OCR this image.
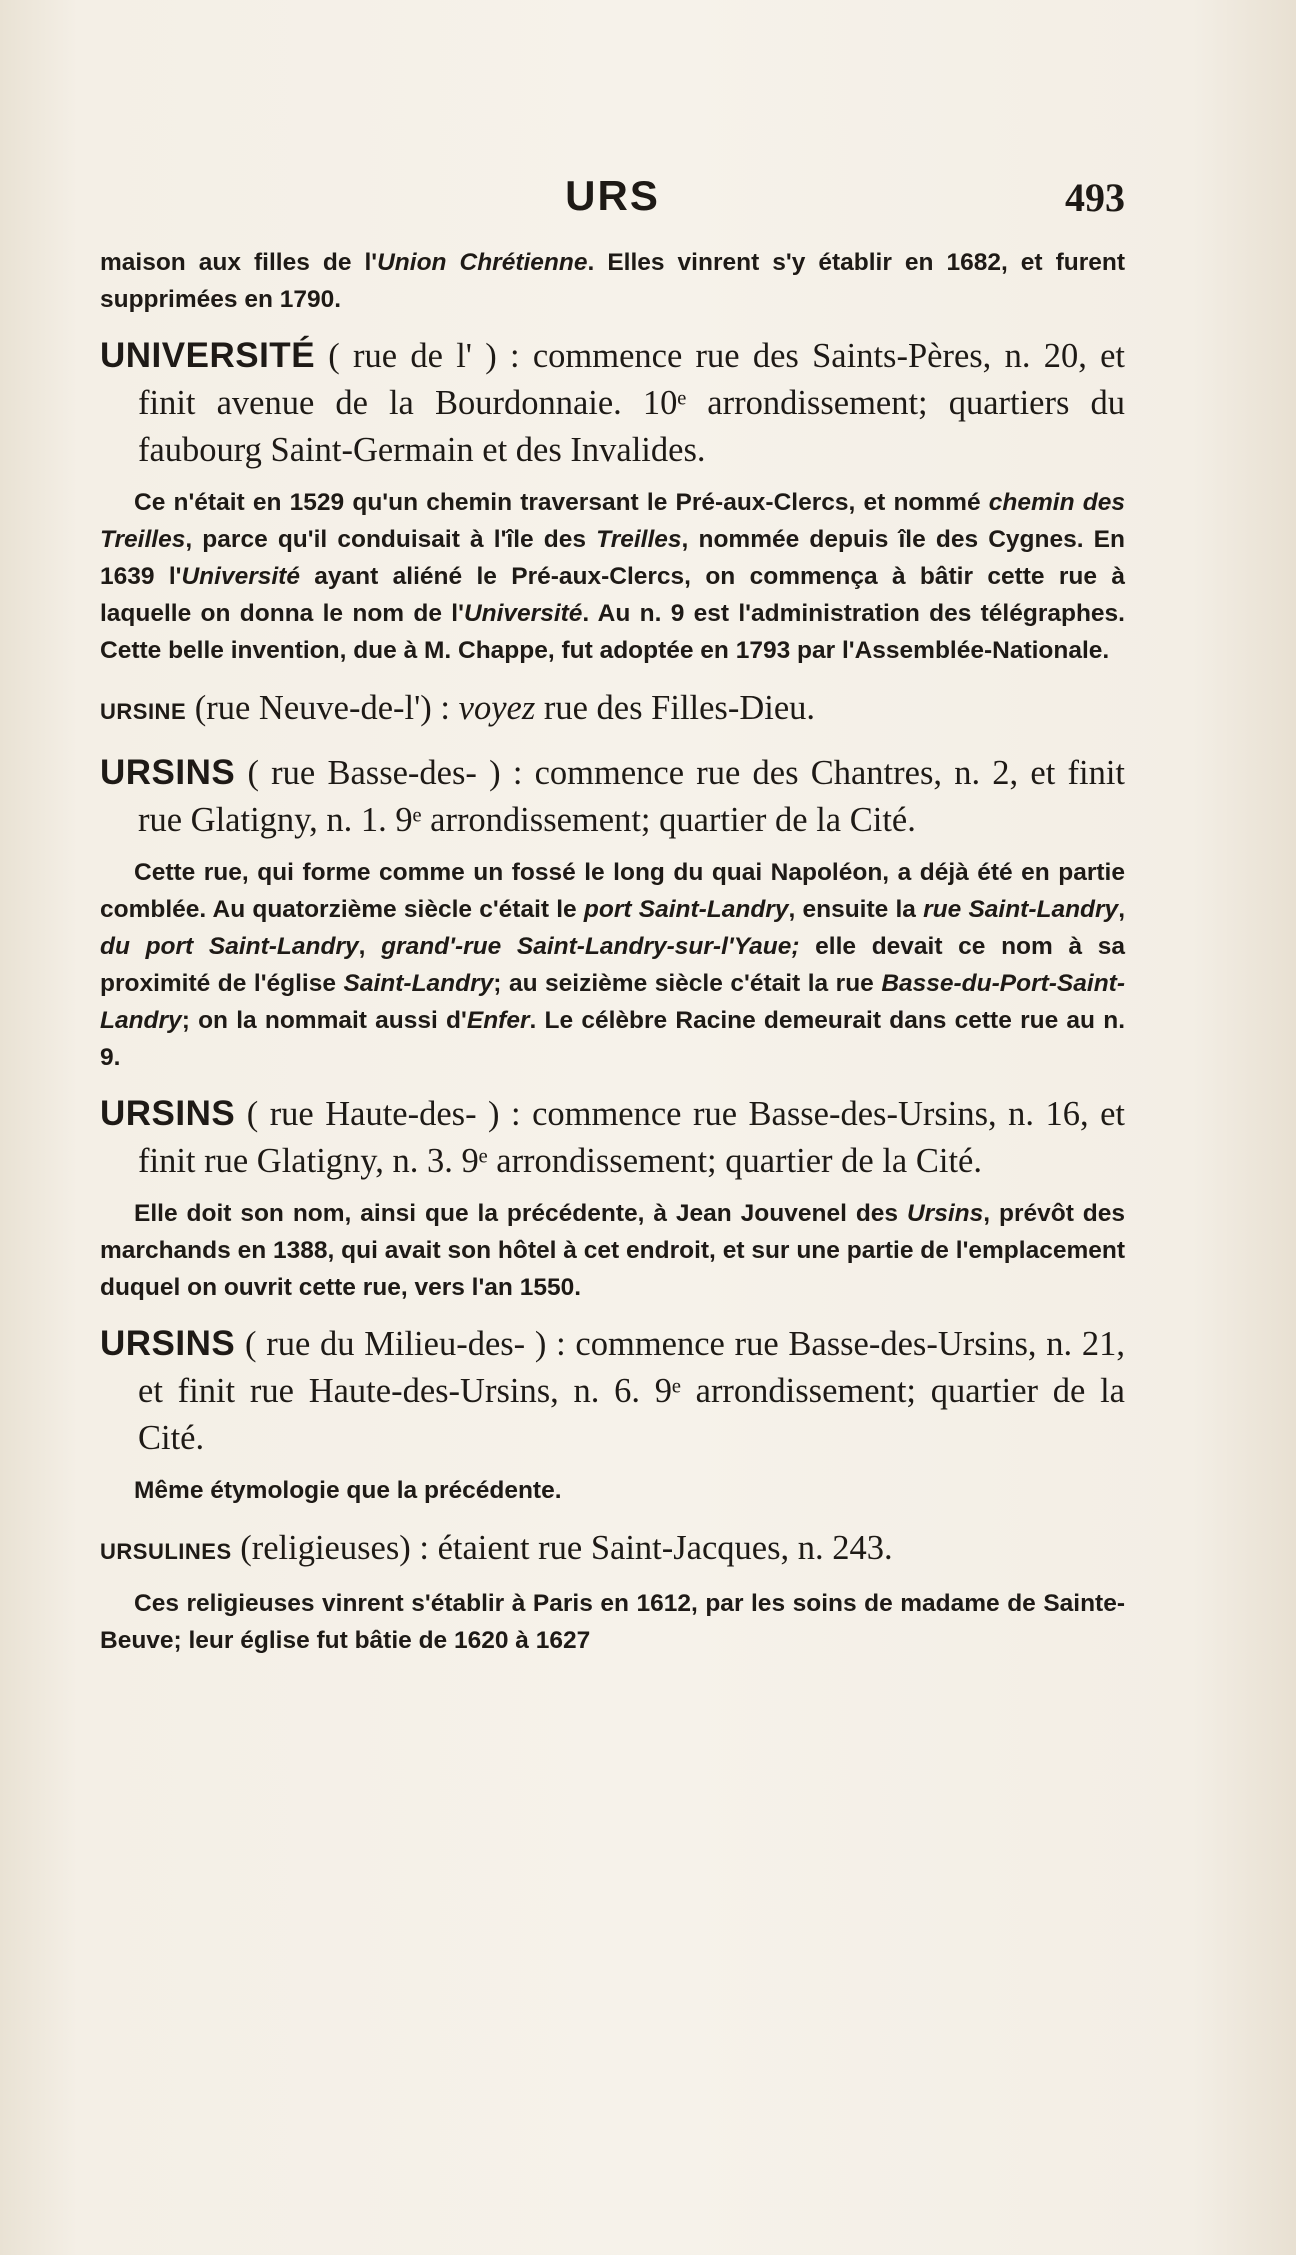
URS	493

maison aux filles de l'Union Chrétienne. Elles vinrent s'y établir en 1682, et furent supprimées en 1790.

UNIVERSITÉ ( rue de l' ) : commence rue des Saints-Pères, n. 20, et finit avenue de la Bourdonnaie. 10ᵉ arrondissement; quartiers du faubourg Saint-Germain et des Invalides.

Ce n'était en 1529 qu'un chemin traversant le Pré-aux-Clercs, et nommé chemin des Treilles, parce qu'il conduisait à l'île des Treilles, nommée depuis île des Cygnes. En 1639 l'Université ayant aliéné le Pré-aux-Clercs, on commença à bâtir cette rue à laquelle on donna le nom de l'Université. Au n. 9 est l'administration des télégraphes. Cette belle invention, due à M. Chappe, fut adoptée en 1793 par l'Assemblée-Nationale.

URSINE (rue Neuve-de-l') : voyez rue des Filles-Dieu.

URSINS ( rue Basse-des- ) : commence rue des Chantres, n. 2, et finit rue Glatigny, n. 1. 9ᵉ arrondissement; quartier de la Cité.

Cette rue, qui forme comme un fossé le long du quai Napoléon, a déjà été en partie comblée. Au quatorzième siècle c'était le port Saint-Landry, ensuite la rue Saint-Landry, du port Saint-Landry, grand'-rue Saint-Landry-sur-l'Yaue; elle devait ce nom à sa proximité de l'église Saint-Landry; au seizième siècle c'était la rue Basse-du-Port-Saint-Landry; on la nommait aussi d'Enfer. Le célèbre Racine demeurait dans cette rue au n. 9.

URSINS ( rue Haute-des- ) : commence rue Basse-des-Ursins, n. 16, et finit rue Glatigny, n. 3. 9ᵉ arrondissement; quartier de la Cité.

Elle doit son nom, ainsi que la précédente, à Jean Jouvenel des Ursins, prévôt des marchands en 1388, qui avait son hôtel à cet endroit, et sur une partie de l'emplacement duquel on ouvrit cette rue, vers l'an 1550.

URSINS ( rue du Milieu-des- ) : commence rue Basse-des-Ursins, n. 21, et finit rue Haute-des-Ursins, n. 6. 9ᵉ arrondissement; quartier de la Cité.

Même étymologie que la précédente.

URSULINES (religieuses) : étaient rue Saint-Jacques, n. 243.

Ces religieuses vinrent s'établir à Paris en 1612, par les soins de madame de Sainte-Beuve; leur église fut bâtie de 1620 à 1627
